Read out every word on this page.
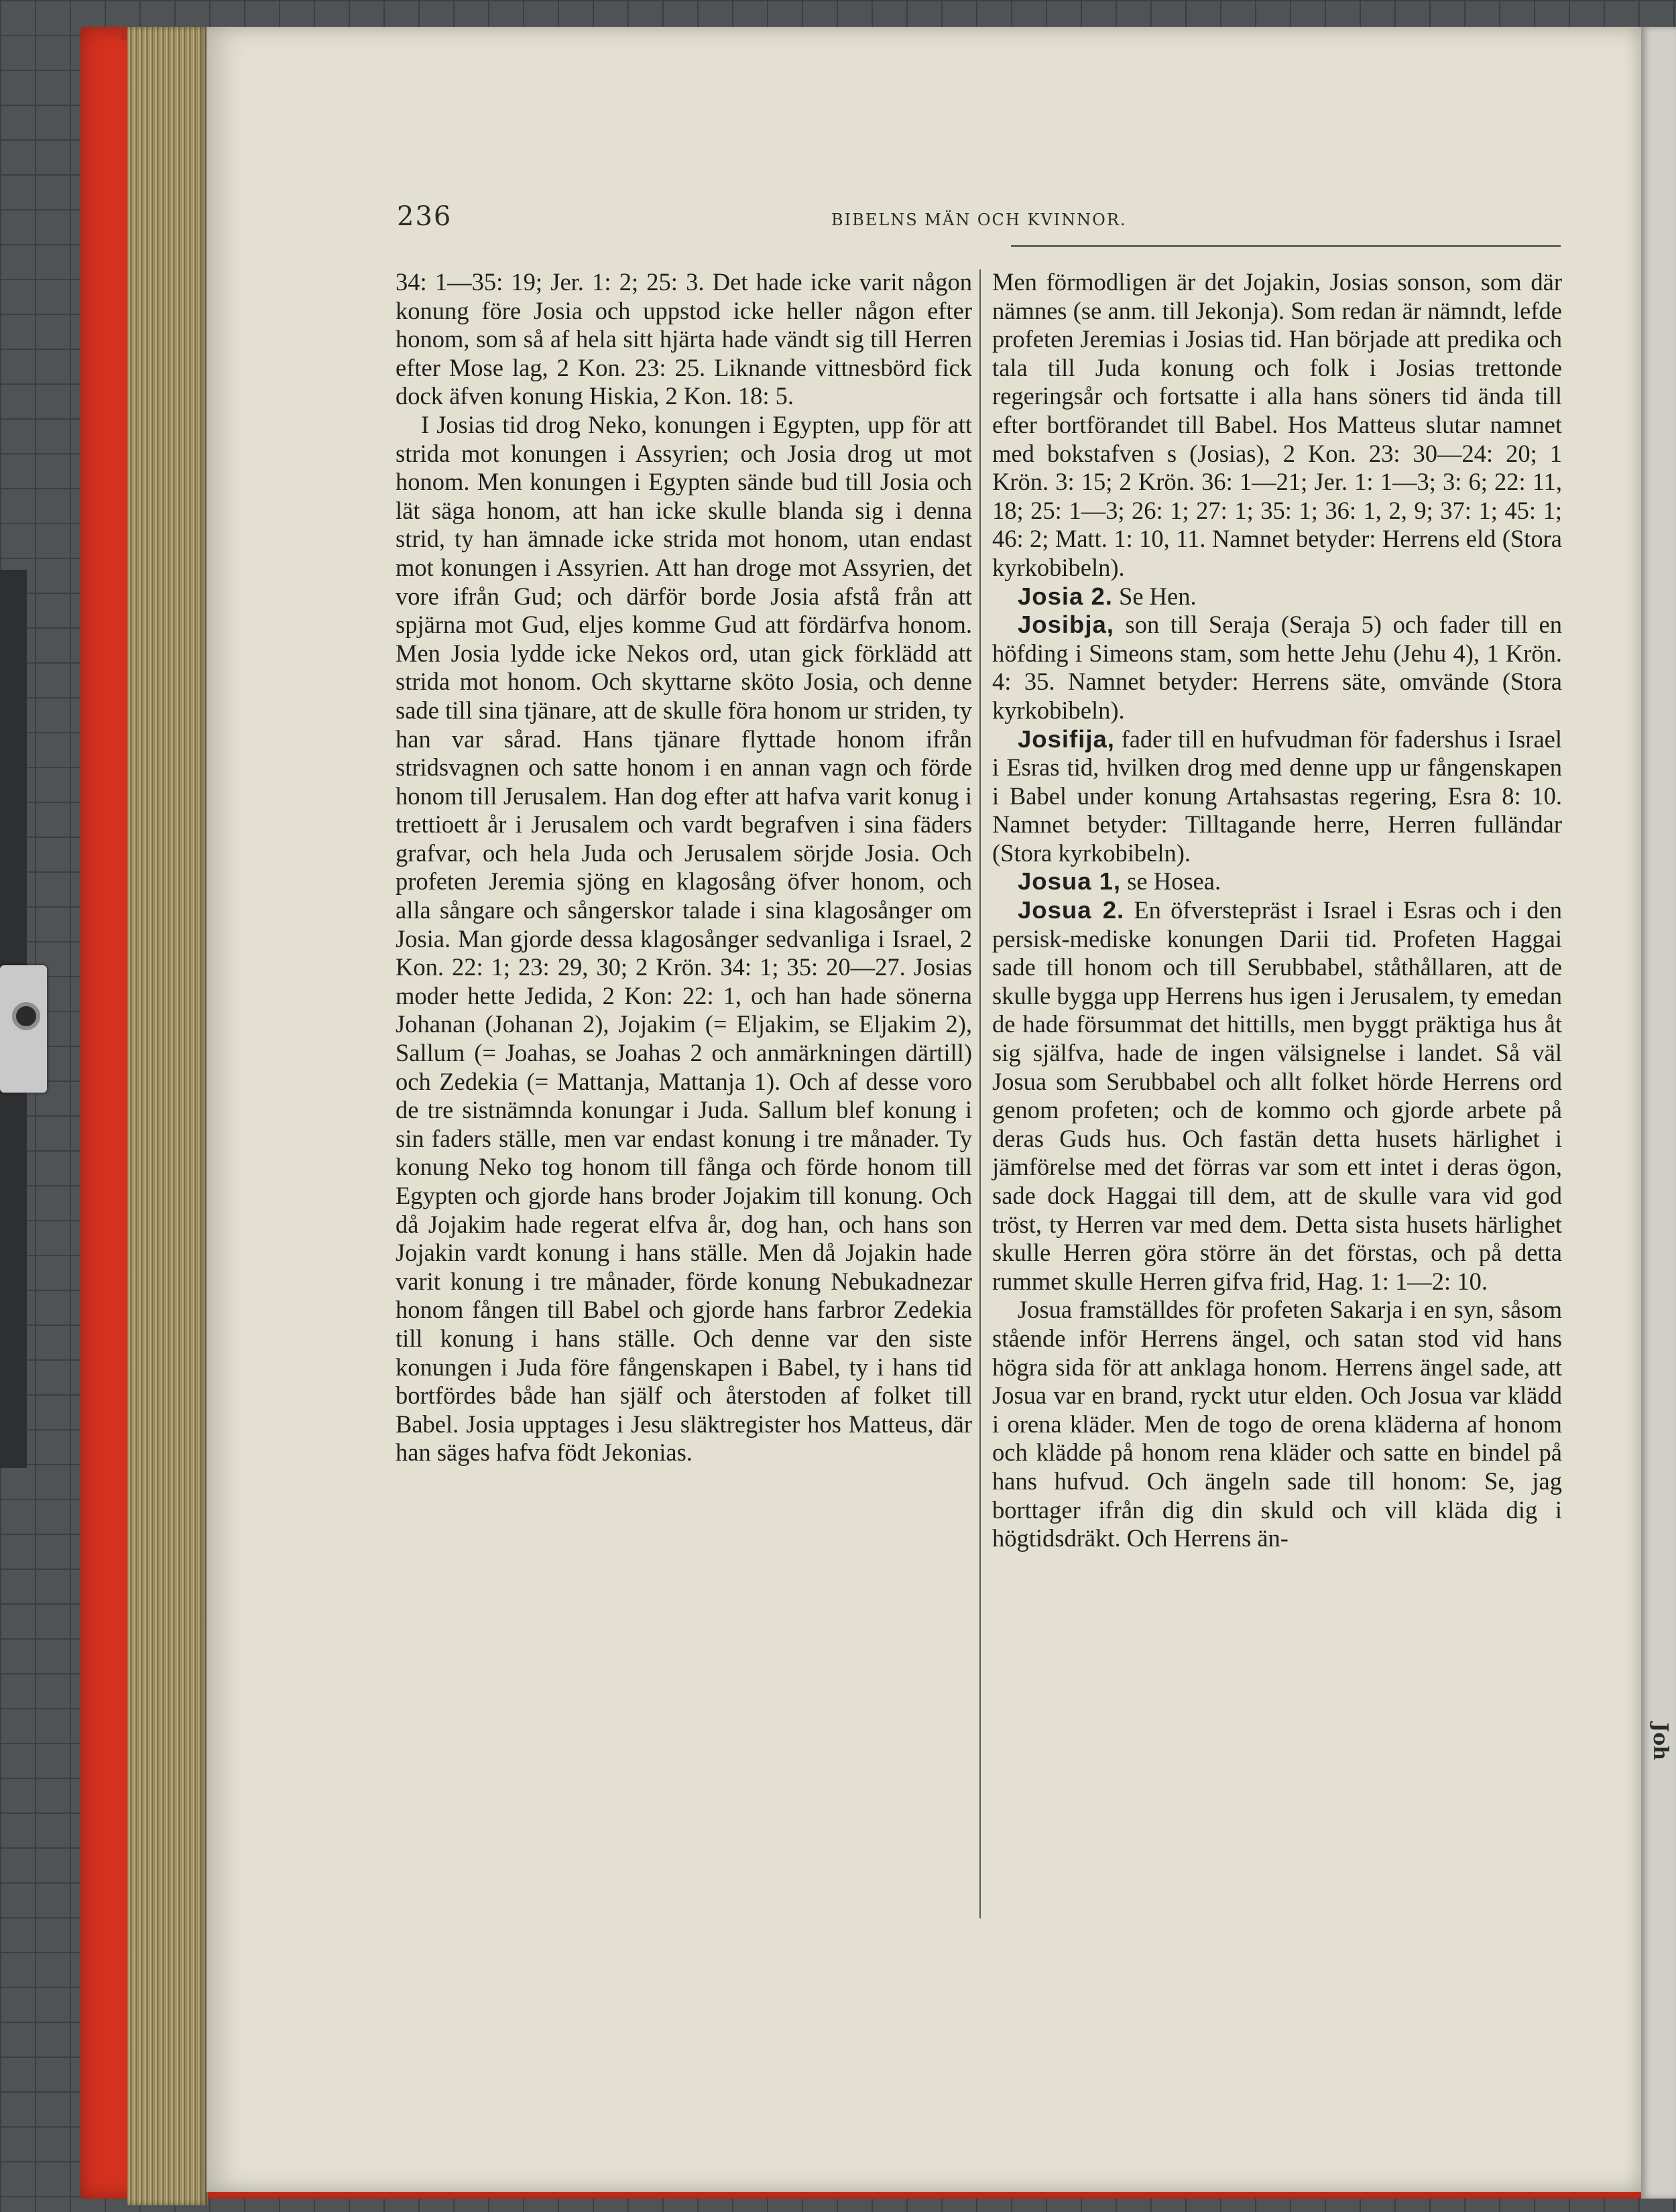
Joh
236	BIBELNS MÄN OCH KVINNOR.

34: 1—35: 19; Jer. 1: 2; 25: 3. Det hade icke varit någon konung före Josia och uppstod icke heller någon efter honom, som så af hela sitt hjärta hade vändt sig till Herren efter Mose lag, 2 Kon. 23: 25. Liknande vittnesbörd fick dock äfven konung Hiskia, 2 Kon. 18: 5.

I Josias tid drog Neko, konungen i Egypten, upp för att strida mot konungen i Assyrien; och Josia drog ut mot honom. Men konungen i Egypten sände bud till Josia och lät säga honom, att han icke skulle blanda sig i denna strid, ty han ämnade icke strida mot honom, utan endast mot konungen i Assyrien. Att han droge mot Assyrien, det vore ifrån Gud; och därför borde Josia afstå från att spjärna mot Gud, eljes komme Gud att fördärfva honom. Men Josia lydde icke Nekos ord, utan gick förklädd att strida mot honom. Och skyttarne sköto Josia, och denne sade till sina tjänare, att de skulle föra honom ur striden, ty han var sårad. Hans tjänare flyttade honom ifrån stridsvagnen och satte honom i en annan vagn och förde honom till Jerusalem. Han dog efter att hafva varit konug i trettioett år i Jerusalem och vardt begrafven i sina fäders grafvar, och hela Juda och Jerusalem sörjde Josia. Och profeten Jeremia sjöng en klagosång öfver honom, och alla sångare och sångerskor talade i sina klagosånger om Josia. Man gjorde dessa klagosånger sedvanliga i Israel, 2 Kon. 22: 1; 23: 29, 30; 2 Krön. 34: 1; 35: 20—27. Josias moder hette Jedida, 2 Kon: 22: 1, och han hade sönerna Johanan (Johanan 2), Jojakim (= Eljakim, se Eljakim 2), Sallum (= Joahas, se Joahas 2 och anmärkningen därtill) och Zedekia (= Mattanja, Mattanja 1). Och af desse voro de tre sistnämnda konungar i Juda. Sallum blef konung i sin faders ställe, men var endast konung i tre månader. Ty konung Neko tog honom till fånga och förde honom till Egypten och gjorde hans broder Jojakim till konung. Och då Jojakim hade regerat elfva år, dog han, och hans son Jojakin vardt konung i hans ställe. Men då Jojakin hade varit konung i tre månader, förde konung Nebukadnezar honom fången till Babel och gjorde hans farbror Zedekia till konung i hans ställe. Och denne var den siste konungen i Juda före fångenskapen i Babel, ty i hans tid bortfördes både han själf och återstoden af folket till Babel. Josia upptages i Jesu släktregister hos Matteus, där han säges hafva födt Jekonias.

Men förmodligen är det Jojakin, Josias sonson, som där nämnes (se anm. till Jekonja). Som redan är nämndt, lefde profeten Jeremias i Josias tid. Han började att predika och tala till Juda konung och folk i Josias trettonde regeringsår och fortsatte i alla hans söners tid ända till efter bortförandet till Babel. Hos Matteus slutar namnet med bokstafven s (Josias), 2 Kon. 23: 30—24: 20; 1 Krön. 3: 15; 2 Krön. 36: 1—21; Jer. 1: 1—3; 3: 6; 22: 11, 18; 25: 1—3; 26: 1; 27: 1; 35: 1; 36: 1, 2, 9; 37: 1; 45: 1; 46: 2; Matt. 1: 10, 11. Namnet betyder: Herrens eld (Stora kyrkobibeln).

Josia 2. Se Hen.

Josibja, son till Seraja (Seraja 5) och fader till en höfding i Simeons stam, som hette Jehu (Jehu 4), 1 Krön. 4: 35. Namnet betyder: Herrens säte, omvände (Stora kyrkobibeln).

Josifija, fader till en hufvudman för fadershus i Israel i Esras tid, hvilken drog med denne upp ur fångenskapen i Babel under konung Artahsastas regering, Esra 8: 10. Namnet betyder: Tilltagande herre, Herren fulländar (Stora kyrkobibeln).

Josua 1, se Hosea.

Josua 2. En öfverstepräst i Israel i Esras och i den persisk-mediske konungen Darii tid. Profeten Haggai sade till honom och till Serubbabel, ståthållaren, att de skulle bygga upp Herrens hus igen i Jerusalem, ty emedan de hade försummat det hittills, men byggt präktiga hus åt sig själfva, hade de ingen välsignelse i landet. Så väl Josua som Serubbabel och allt folket hörde Herrens ord genom profeten; och de kommo och gjorde arbete på deras Guds hus. Och fastän detta husets härlighet i jämförelse med det förras var som ett intet i deras ögon, sade dock Haggai till dem, att de skulle vara vid god tröst, ty Herren var med dem. Detta sista husets härlighet skulle Herren göra större än det förstas, och på detta rummet skulle Herren gifva frid, Hag. 1: 1—2: 10.

Josua framställdes för profeten Sakarja i en syn, såsom stående inför Herrens ängel, och satan stod vid hans högra sida för att anklaga honom. Herrens ängel sade, att Josua var en brand, ryckt utur elden. Och Josua var klädd i orena kläder. Men de togo de orena kläderna af honom och klädde på honom rena kläder och satte en bindel på hans hufvud. Och ängeln sade till honom: Se, jag borttager ifrån dig din skuld och vill kläda dig i högtidsdräkt. Och Herrens än-
